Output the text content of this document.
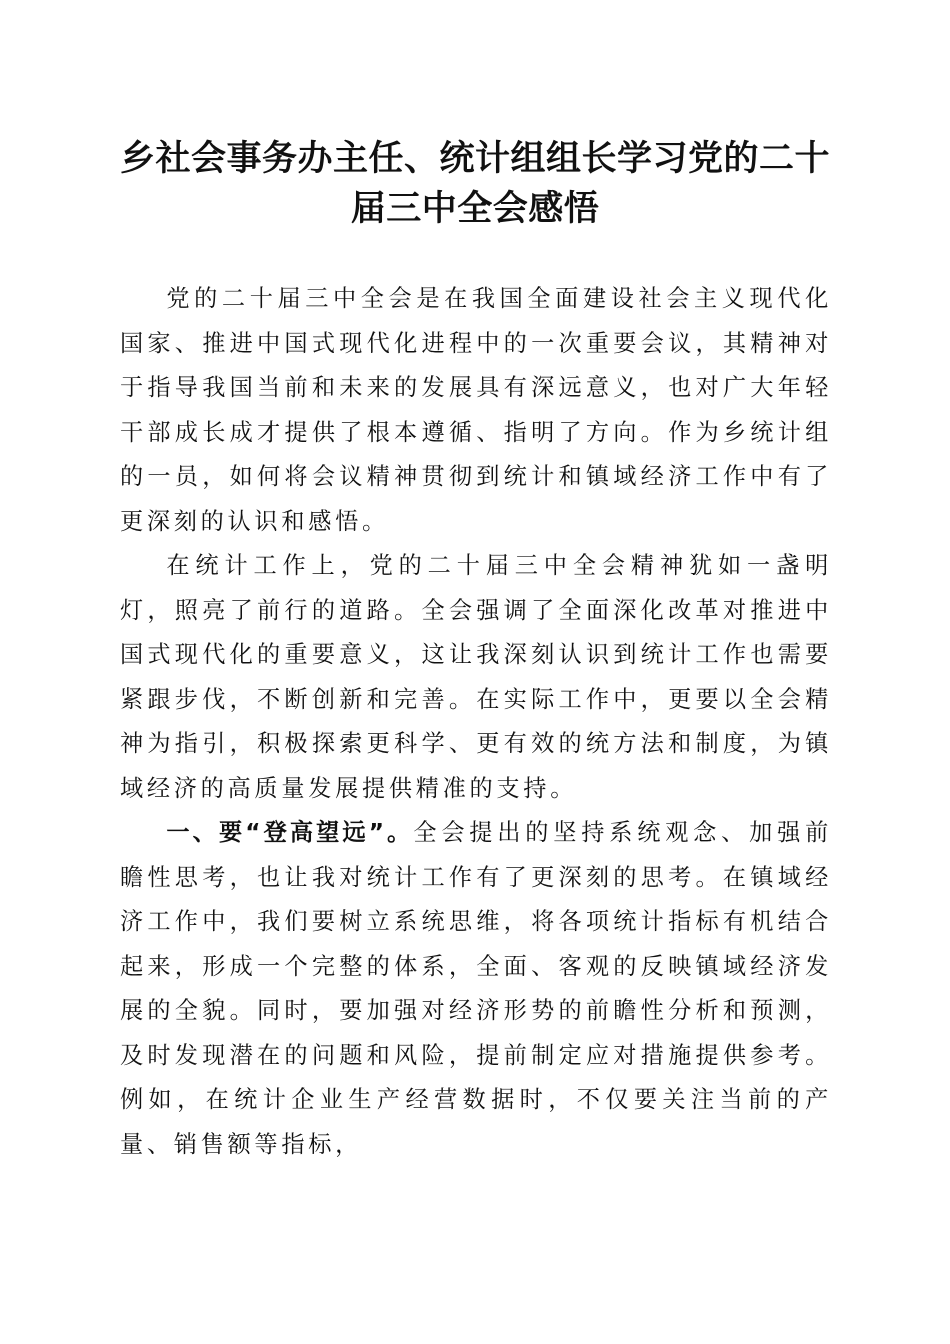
乡社会事务办主任、统计组组长学习党的二十
届三中全会感悟

党的二十届三中全会是在我国全面建设社会主义现代化国家、推进中国式现代化进程中的一次重要会议，其精神对于指导我国当前和未来的发展具有深远意义，也对广大年轻干部成长成才提供了根本遵循、指明了方向。作为乡统计组的一员，如何将会议精神贯彻到统计和镇域经济工作中有了更深刻的认识和感悟。

在统计工作上，党的二十届三中全会精神犹如一盏明灯，照亮了前行的道路。全会强调了全面深化改革对推进中国式现代化的重要意义，这让我深刻认识到统计工作也需要紧跟步伐，不断创新和完善。在实际工作中，更要以全会精神为指引，积极探索更科学、更有效的统方法和制度，为镇域经济的高质量发展提供精准的支持。

一、要“登高望远”。全会提出的坚持系统观念、加强前瞻性思考，也让我对统计工作有了更深刻的思考。在镇域经济工作中，我们要树立系统思维，将各项统计指标有机结合起来，形成一个完整的体系，全面、客观的反映镇域经济发展的全貌。同时，要加强对经济形势的前瞻性分析和预测，及时发现潜在的问题和风险，提前制定应对措施提供参考。例如，在统计企业生产经营数据时，不仅要关注当前的产量、销售额等指标，
